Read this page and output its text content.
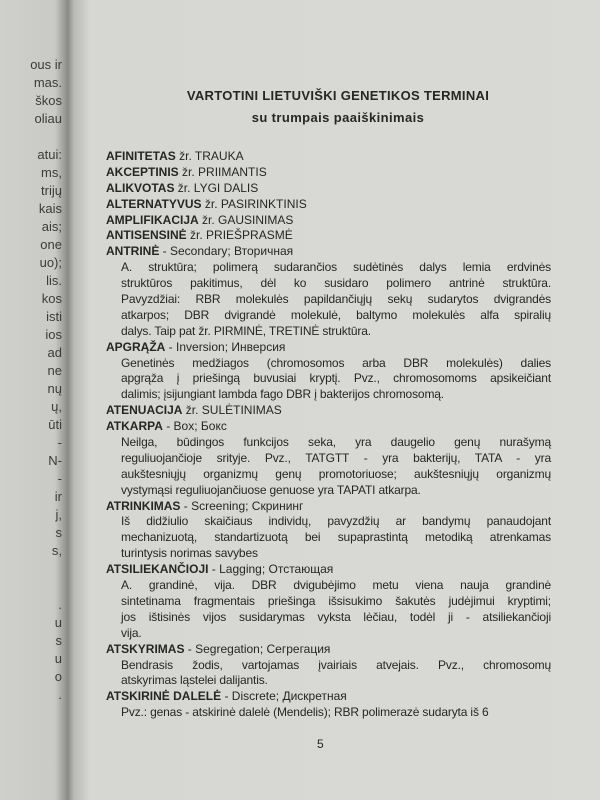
ous ir
mas.
škos
oliau
atui:
ms,
trijų
kais
ais;
one
uo);
lis.
kos
isti
ios
ad
ne
nų
ų,
ūti
-
N-
-
ir
j,
s
s,
.
u
s
u
o
.
VARTOTINI LIETUVIŠKI GENETIKOS TERMINAI
su trumpais paaiškinimais
AFINITETAS žr. TRAUKA
AKCEPTINIS žr. PRIIMANTIS
ALIKVOTAS žr. LYGI DALIS
ALTERNATYVUS žr. PASIRINKTINIS
AMPLIFIKACIJA žr. GAUSINIMAS
ANTISENSINĖ žr. PRIEŠPRASMĖ
ANTRINĖ - Secondary; Вторичная
A. struktūra; polimerą sudarančios sudėtinės dalys lemia erdvinės
struktūros pakitimus, dėl ko susidaro polimero antrinė struktūra.
Pavyzdžiai: RBR molekulės papildančiųjų sekų sudarytos dvigrandės
atkarpos; DBR dvigrandė molekulė, baltymo molekulės alfa spiralių
dalys. Taip pat žr. PIRMINĖ, TRETINĖ struktūra.
APGRĄŽA - Inversion; Инверсия
Genetinės medžiagos (chromosomos arba DBR molekulės) dalies
apgrąža į priešingą buvusiai kryptį. Pvz., chromosomoms apsikeičiant
dalimis; įsijungiant lambda fago DBR į bakterijos chromosomą.
ATENUACIJA žr. SULĖTINIMAS
ATKARPA - Box; Бокс
Neilga, būdingos funkcijos seka, yra daugelio genų nurašymą
reguliuojančioje srityje. Pvz., TATGTT - yra bakterijų, TATA - yra
aukštesniųjų organizmų genų promotoriuose; aukštesniųjų organizmų
vystymąsi reguliuojančiuose genuose yra TAPATI atkarpa.
ATRINKIMAS - Screening; Скрининг
Iš didžiulio skaičiaus individų, pavyzdžių ar bandymų panaudojant
mechanizuotą, standartizuotą bei supaprastintą metodiką atrenkamas
turintysis norimas savybes
ATSILIEKANČIOJI - Lagging; Отстающая
A. grandinė, vija. DBR dvigubėjimo metu viena nauja grandinė
sintetinama fragmentais priešinga išsisukimo šakutės judėjimui kryptimi;
jos ištisinės vijos susidarymas vyksta lėčiau, todėl ji - atsiliekančioji
vija.
ATSKYRIMAS - Segregation; Сегрегация
Bendrasis žodis, vartojamas įvairiais atvejais. Pvz., chromosomų
atskyrimas ląstelei dalijantis.
ATSKIRINĖ DALELĖ - Discrete; Дискретная
Pvz.: genas - atskirinė dalelė (Mendelis); RBR polimerazė sudaryta iš 6
5
